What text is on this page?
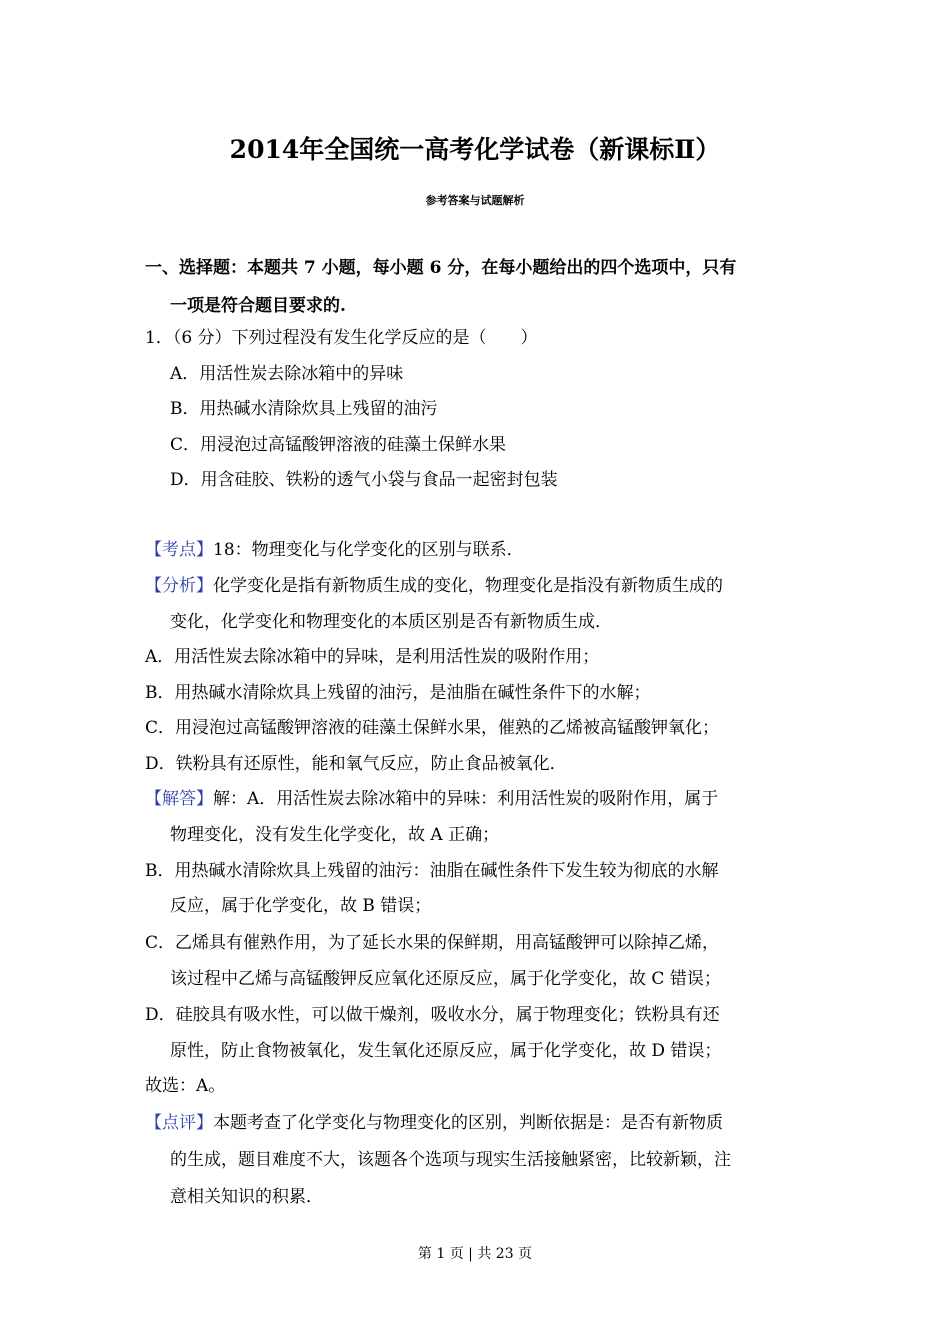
2014年全国统一高考化学试卷（新课标Ⅱ）
参考答案与试题解析
一、选择题：本题共 7 小题，每小题 6 分，在每小题给出的四个选项中，只有
一项是符合题目要求的.
1．（6 分）下列过程没有发生化学反应的是（　　）
A．用活性炭去除冰箱中的异味
B．用热碱水清除炊具上残留的油污
C．用浸泡过高锰酸钾溶液的硅藻土保鲜水果
D．用含硅胶、铁粉的透气小袋与食品一起密封包装
【考点】18：物理变化与化学变化的区别与联系．
【分析】化学变化是指有新物质生成的变化，物理变化是指没有新物质生成的
变化，化学变化和物理变化的本质区别是否有新物质生成．
A．用活性炭去除冰箱中的异味，是利用活性炭的吸附作用；
B．用热碱水清除炊具上残留的油污，是油脂在碱性条件下的水解；
C．用浸泡过高锰酸钾溶液的硅藻土保鲜水果，催熟的乙烯被高锰酸钾氧化；
D．铁粉具有还原性，能和氧气反应，防止食品被氧化．
【解答】解：A．用活性炭去除冰箱中的异味：利用活性炭的吸附作用，属于
物理变化，没有发生化学变化，故 A 正确；
B．用热碱水清除炊具上残留的油污：油脂在碱性条件下发生较为彻底的水解
反应，属于化学变化，故 B 错误；
C．乙烯具有催熟作用，为了延长水果的保鲜期，用高锰酸钾可以除掉乙烯，
该过程中乙烯与高锰酸钾反应氧化还原反应，属于化学变化，故 C 错误；
D．硅胶具有吸水性，可以做干燥剂，吸收水分，属于物理变化；铁粉具有还
原性，防止食物被氧化，发生氧化还原反应，属于化学变化，故 D 错误；
故选：A。
【点评】本题考查了化学变化与物理变化的区别，判断依据是：是否有新物质
的生成，题目难度不大，该题各个选项与现实生活接触紧密，比较新颖，注
意相关知识的积累．
第 1 页 | 共 23 页
